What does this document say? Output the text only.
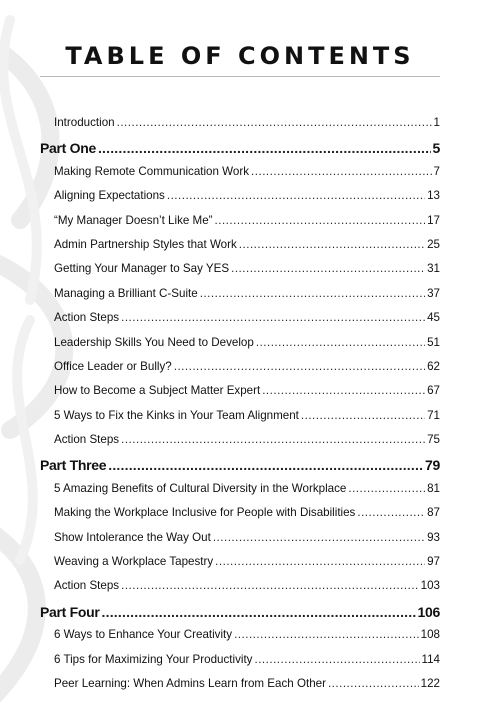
TABLE OF CONTENTS
Introduction .....	1
Part One .....	5
Making Remote Communication Work .....	7
Aligning Expectations .....	13
“My Manager Doesn’t Like Me” .....	17
Admin Partnership Styles that Work .....	25
Getting Your Manager to Say YES .....	31
Managing a Brilliant C-Suite .....	37
Action Steps .....	45
Leadership Skills You Need to Develop .....	51
Office Leader or Bully? .....	62
How to Become a Subject Matter Expert .....	67
5 Ways to Fix the Kinks in Your Team Alignment .....	71
Action Steps .....	75
Part Three .....	79
5 Amazing Benefits of Cultural Diversity in the Workplace .....	81
Making the Workplace Inclusive for People with Disabilities .....	87
Show Intolerance the Way Out .....	93
Weaving a Workplace Tapestry .....	97
Action Steps .....	103
Part Four .....	106
6 Ways to Enhance Your Creativity .....	108
6 Tips for Maximizing Your Productivity .....	114
Peer Learning: When Admins Learn from Each Other .....	122
